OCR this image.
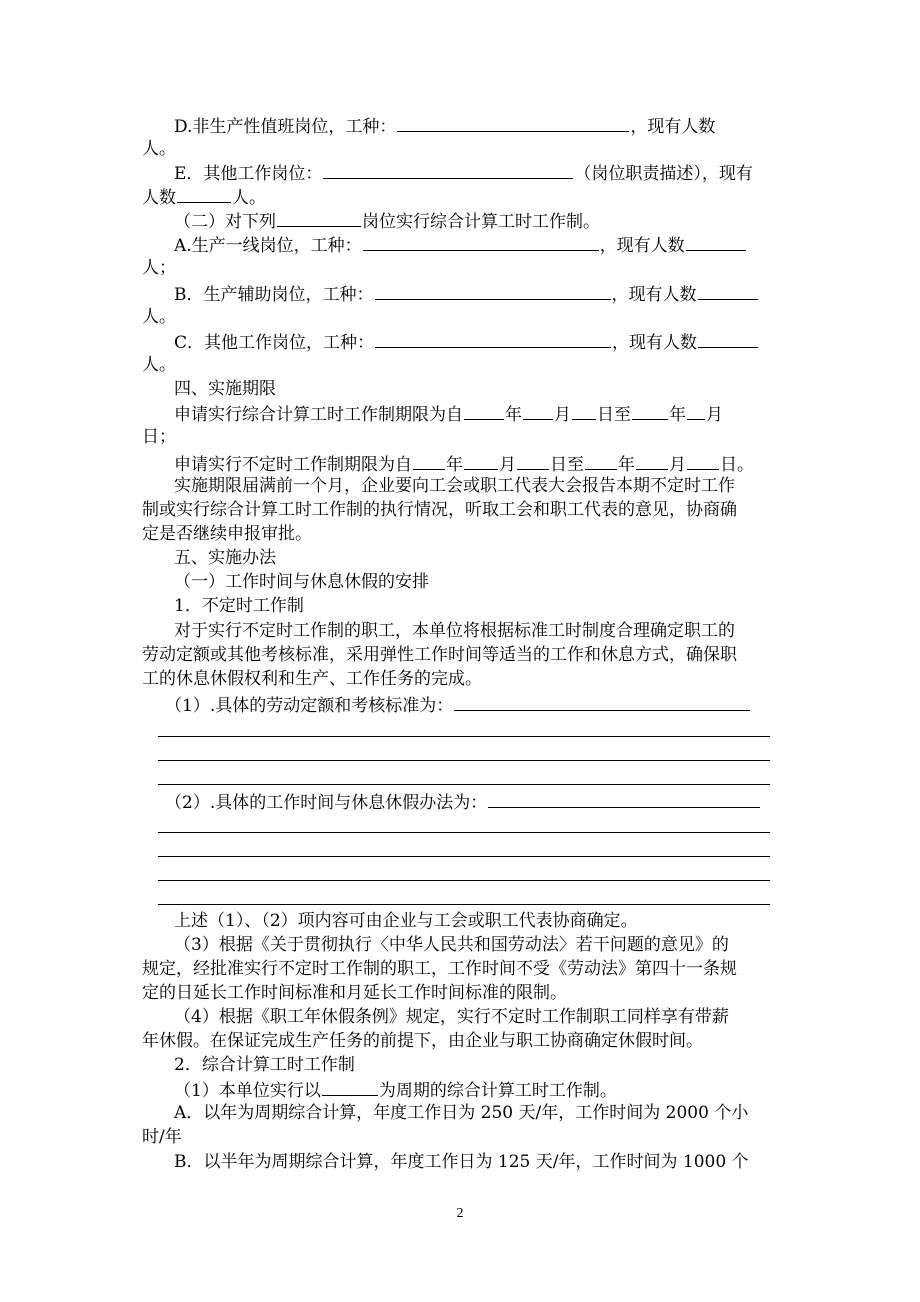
D.非生产性值班岗位，工种：	，现有人数
人。
E．其他工作岗位：	（岗位职责描述），现有
人数	人。
（二）对下列	岗位实行综合计算工时工作制。
A.生产一线岗位，工种：	，现有人数
人；
B．生产辅助岗位，工种：	，现有人数
人。
C．其他工作岗位，工种：	，现有人数
人。
四、实施期限
申请实行综合计算工时工作制期限为自 年 月 日至 年 月
日；
申请实行不定时工作制期限为自 年 月 日至 年 月 日。
实施期限届满前一个月，企业要向工会或职工代表大会报告本期不定时工作
制或实行综合计算工时工作制的执行情况，听取工会和职工代表的意见，协商确
定是否继续申报审批。
五、实施办法
（一）工作时间与休息休假的安排
1．不定时工作制
对于实行不定时工作制的职工，本单位将根据标准工时制度合理确定职工的
劳动定额或其他考核标准，采用弹性工作时间等适当的工作和休息方式，确保职
工的休息休假权利和生产、工作任务的完成。
（1）.具体的劳动定额和考核标准为：
（2）.具体的工作时间与休息休假办法为：
上述（1）、（2）项内容可由企业与工会或职工代表协商确定。
（3）根据《关于贯彻执行〈中华人民共和国劳动法〉若干问题的意见》的
规定，经批准实行不定时工作制的职工，工作时间不受《劳动法》第四十一条规
定的日延长工作时间标准和月延长工作时间标准的限制。
（4）根据《职工年休假条例》规定，实行不定时工作制职工同样享有带薪
年休假。在保证完成生产任务的前提下，由企业与职工协商确定休假时间。
2．综合计算工时工作制
（1）本单位实行以	为周期的综合计算工时工作制。
A．以年为周期综合计算，年度工作日为 250 天/年，工作时间为 2000 个小
时/年
B．以半年为周期综合计算，年度工作日为 125 天/年，工作时间为 1000 个
2
